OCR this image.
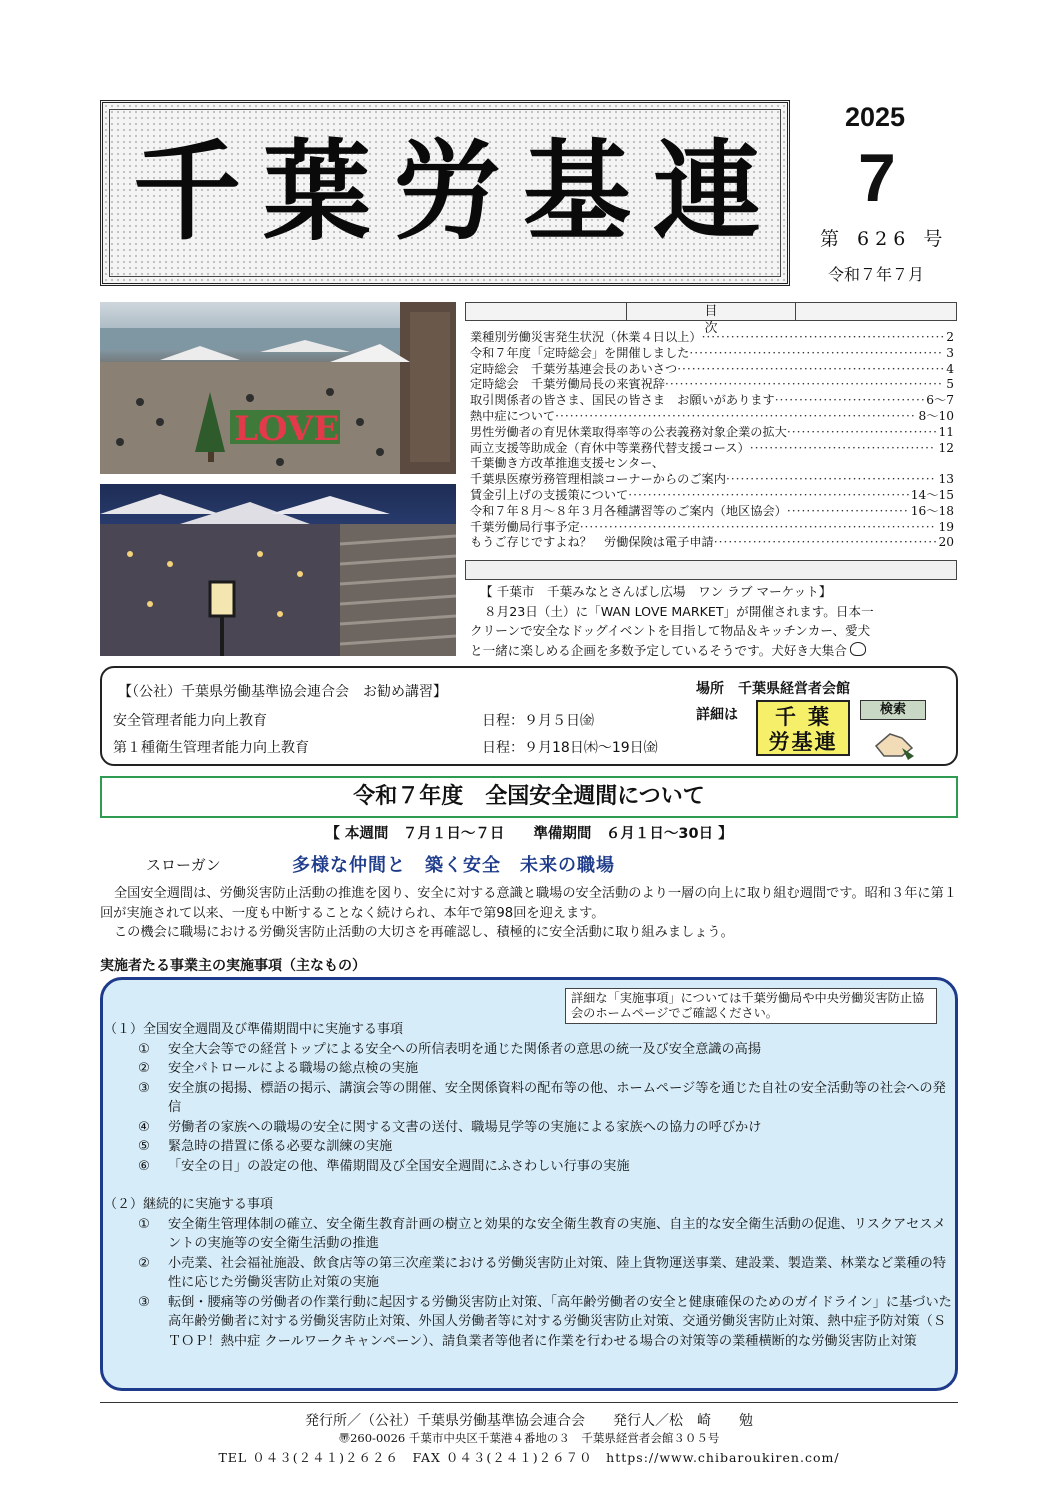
千葉労基連
2025
7
第 626 号
令和７年７月
LOVE
目　次
業種別労働災害発生状況（休業４日以上） ·····	2
令和７年度「定時総会」を開催しました ·····	3
定時総会　千葉労基連会長のあいさつ ·····	4
定時総会　千葉労働局長の来賓祝辞 ·····	5
取引関係者の皆さま、国民の皆さま　お願いがあります ·····	6～7
熱中症について ·····	8～10
男性労働者の育児休業取得率等の公表義務対象企業の拡大 ·····	11
両立支援等助成金（育休中等業務代替支援コース） ·····	12
千葉働き方改革推進支援センター、
千葉県医療労務管理相談コーナーからのご案内 ·····	13
賃金引上げの支援策について ·····	14～15
令和７年８月～８年３月各種講習等のご案内（地区協会） ·····	16～18
千葉労働局行事予定 ·····	19
もうご存じですよね？　労働保険は電子申請 ·····	20
【 千葉市　千葉みなとさんばし広場　ワン ラブ マーケット】
８月23日（土）に「WAN LOVE MARKET」が開催されます。日本一
クリーンで安全なドッグイベントを目指して物品＆キッチンカー、愛犬
と一緒に楽しめる企画を多数予定しているそうです。犬好き大集合
【（公社）千葉県労働基準協会連合会　お勧め講習】
安全管理者能力向上教育	日程：９月５日㈮
第１種衛生管理者能力向上教育	日程：９月18日㈭～19日㈮
場所　千葉県経営者会館
詳細は	千葉
労基連
検索
令和７年度　全国安全週間について
【 本週間　７月１日～７日　　準備期間　６月１日～30日 】
スローガン	多様な仲間と　築く安全　未来の職場
全国安全週間は、労働災害防止活動の推進を図り、安全に対する意識と職場の安全活動のより一層の向上に取り組む週間です。昭和３年に第１回が実施されて以来、一度も中断することなく続けられ、本年で第98回を迎えます。
この機会に職場における労働災害防止活動の大切さを再確認し、積極的に安全活動に取り組みましょう。
実施者たる事業主の実施事項（主なもの）
詳細な「実施事項」については千葉労働局や中央労働災害防止協会のホームページでご確認ください。
（１）全国安全週間及び準備期間中に実施する事項
①	安全大会等での経営トップによる安全への所信表明を通じた関係者の意思の統一及び安全意識の高揚
②	安全パトロールによる職場の総点検の実施
③	安全旗の掲揚、標語の掲示、講演会等の開催、安全関係資料の配布等の他、ホームページ等を通じた自社の安全活動等の社会への発信
④	労働者の家族への職場の安全に関する文書の送付、職場見学等の実施による家族への協力の呼びかけ
⑤	緊急時の措置に係る必要な訓練の実施
⑥	「安全の日」の設定の他、準備期間及び全国安全週間にふさわしい行事の実施
（２）継続的に実施する事項
①	安全衛生管理体制の確立、安全衛生教育計画の樹立と効果的な安全衛生教育の実施、自主的な安全衛生活動の促進、リスクアセスメントの実施等の安全衛生活動の推進
②	小売業、社会福祉施設、飲食店等の第三次産業における労働災害防止対策、陸上貨物運送事業、建設業、製造業、林業など業種の特性に応じた労働災害防止対策の実施
③	転倒・腰痛等の労働者の作業行動に起因する労働災害防止対策、「高年齢労働者の安全と健康確保のためのガイドライン」に基づいた高年齢労働者に対する労働災害防止対策、外国人労働者等に対する労働災害防止対策、交通労働災害防止対策、熱中症予防対策（ＳＴＯＰ！熱中症 クールワークキャンペーン）、請負業者等他者に作業を行わせる場合の対策等の業種横断的な労働災害防止対策
発行所／（公社）千葉県労働基準協会連合会　　発行人／松　崎　　勉
〠260-0026 千葉市中央区千葉港４番地の３　千葉県経営者会館３０５号
TEL ０４３(２４１)２６２６　FAX ０４３(２４１)２６７０　https://www.chibaroukiren.com/
